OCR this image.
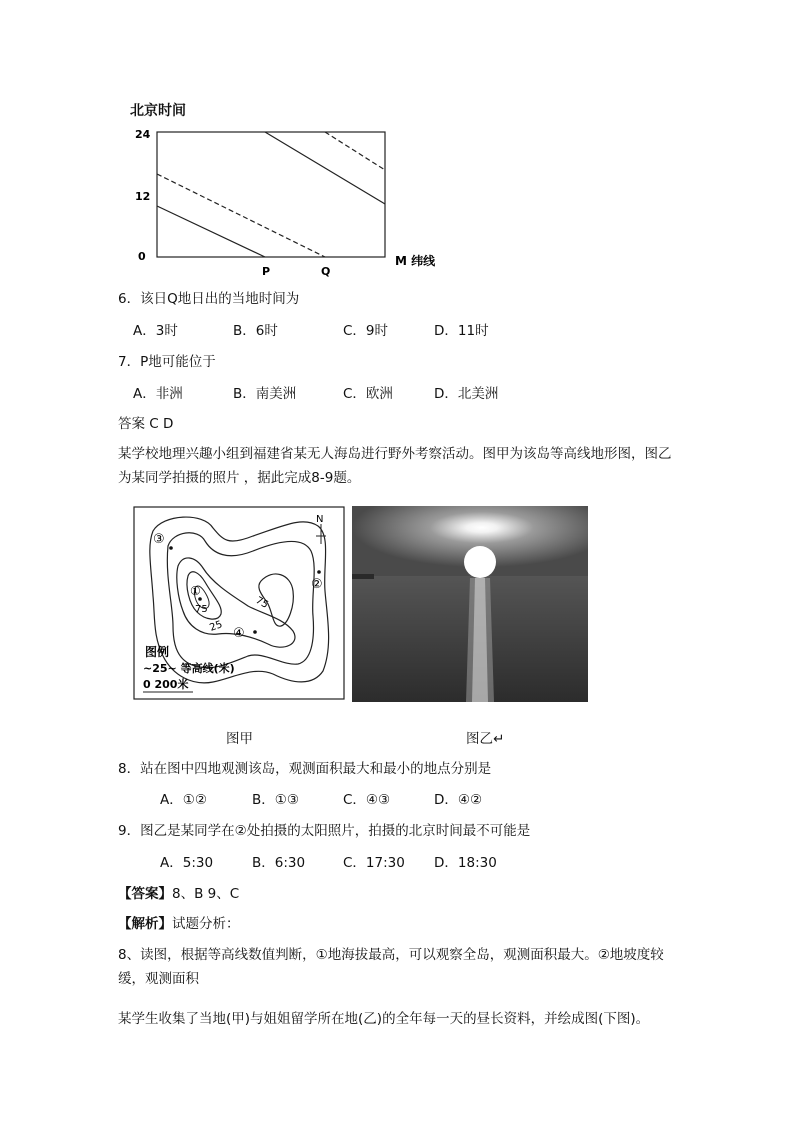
北京时间
24
12
0
P	Q
M 纬线
6．该日Q地日出的当地时间为
A．3时	B．6时	C．9时	D．11时
7．P地可能位于
A．非洲	B．南美洲	C．欧洲	D．北美洲
答案 C D
某学校地理兴趣小组到福建省某无人海岛进行野外考察活动。图甲为该岛等高线地形图，图乙为某同学拍摄的照片 ，据此完成8-9题。
③
①	②
④
75	75
25
N
图例
~25~ 等高线(米)
0 200米
图甲	图乙↵
8．站在图中四地观测该岛，观测面积最大和最小的地点分别是
A．①②	B．①③	C．④③	D．④②
9．图乙是某同学在②处拍摄的太阳照片，拍摄的北京时间最不可能是
A．5:30	B．6:30	C．17:30 D．18:30
【答案】8、B 9、C
【解析】试题分析：
8、读图，根据等高线数值判断，①地海拔最高，可以观察全岛，观测面积最大。②地坡度较缓，观测面积
某学生收集了当地(甲)与姐姐留学所在地(乙)的全年每一天的昼长资料，并绘成图(下图)。
